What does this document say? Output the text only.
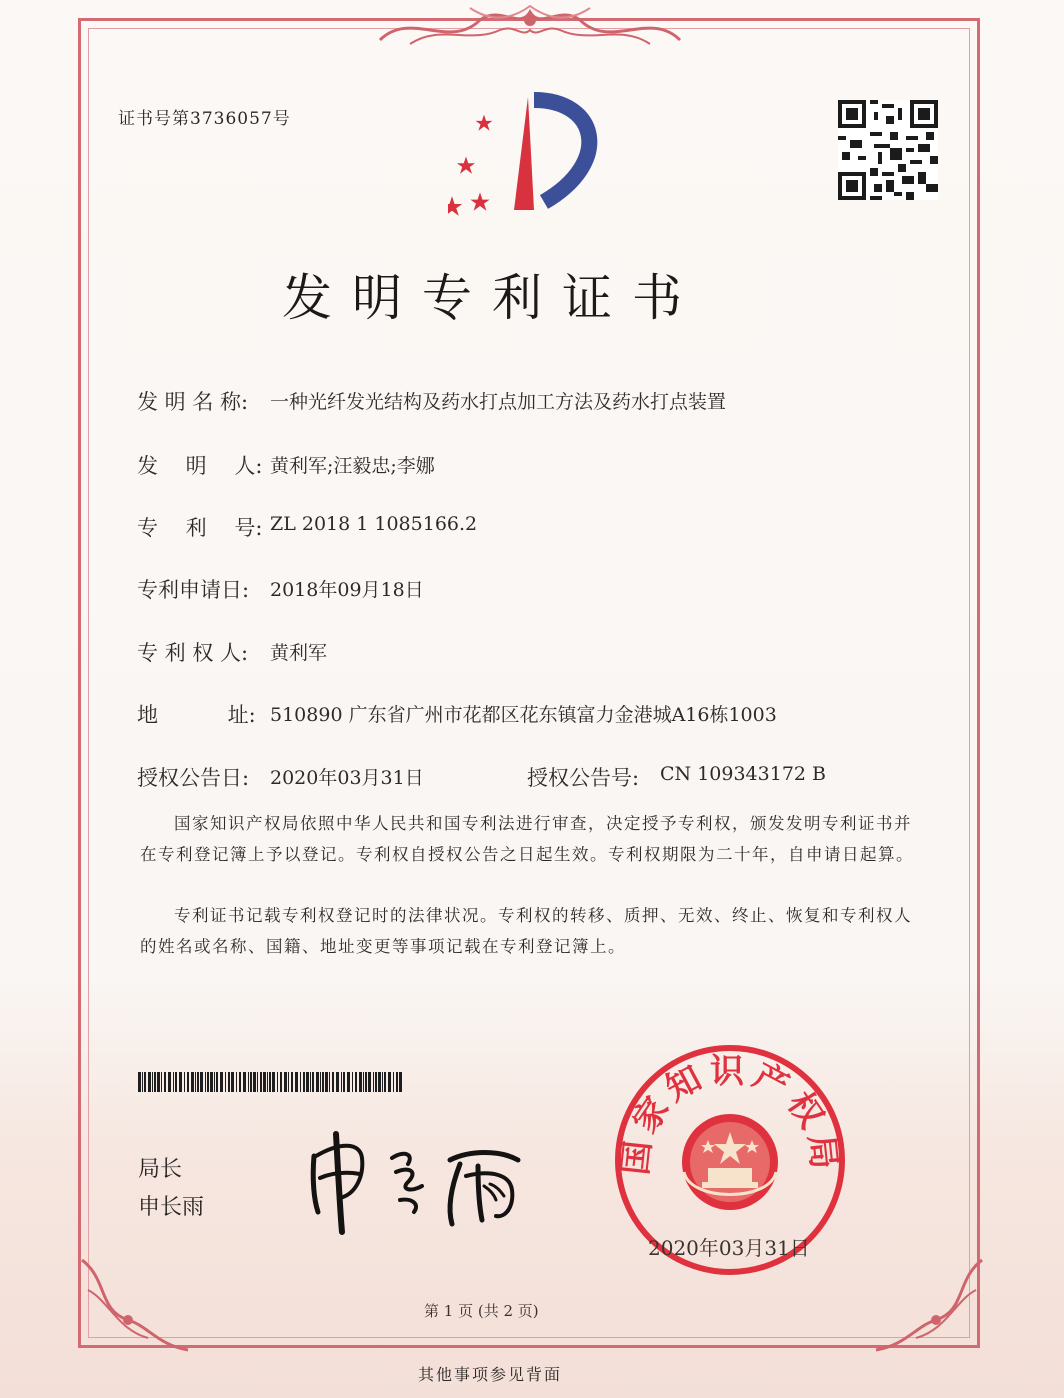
证书号第3736057号
发明专利证书
发 明 名 称: 一种光纤发光结构及药水打点加工方法及药水打点装置
发　 明　 人: 黄利军;汪毅忠;李娜
专　 利　 号: ZL 2018 1 1085166.2
专利申请日: 2018年09月18日
专 利 权 人: 黄利军
地　　　 址: 510890 广东省广州市花都区花东镇富力金港城A16栋1003
授权公告日: 2020年03月31日	授权公告号: CN 109343172 B
国家知识产权局依照中华人民共和国专利法进行审查，决定授予专利权，颁发发明专利证书并在专利登记簿上予以登记。专利权自授权公告之日起生效。专利权期限为二十年，自申请日起算。
专利证书记载专利权登记时的法律状况。专利权的转移、质押、无效、终止、恢复和专利权人的姓名或名称、国籍、地址变更等事项记载在专利登记簿上。
局长
申长雨
国家知识产权局
2020年03月31日
第 1 页 (共 2 页)
其他事项参见背面
